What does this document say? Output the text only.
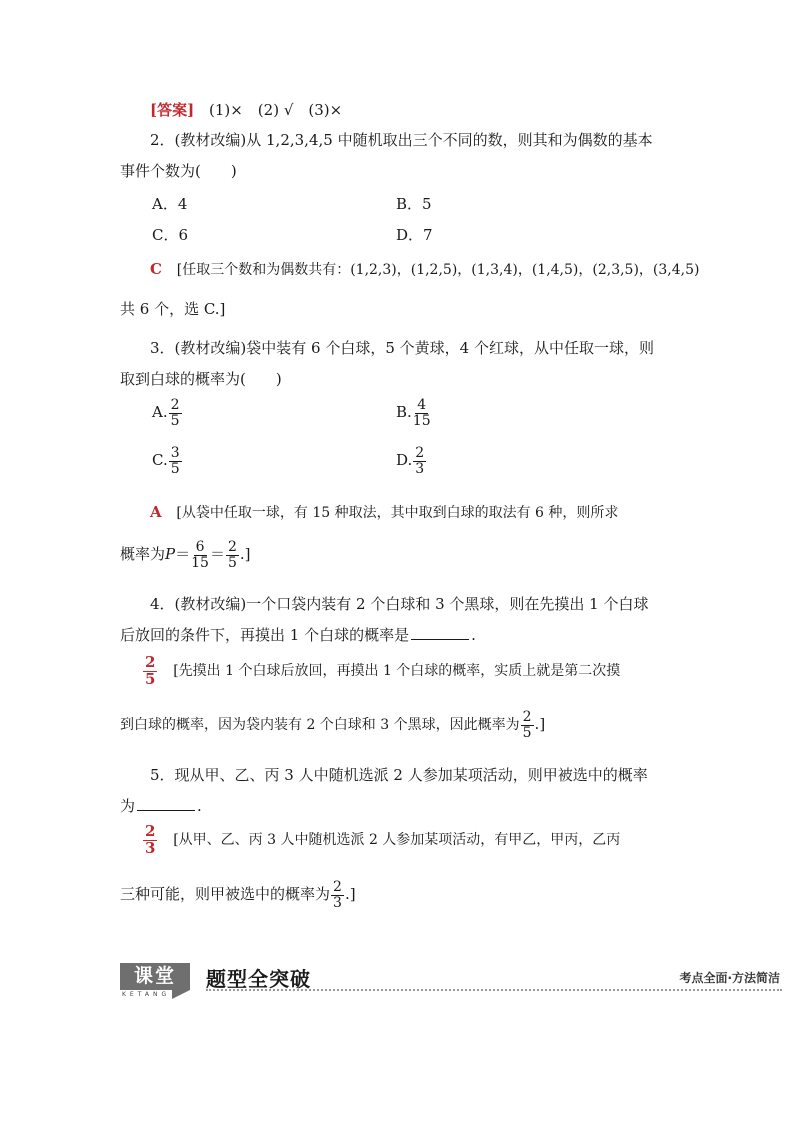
[答案] (1)×　(2) √　(3)×
2．(教材改编)从 1,2,3,4,5 中随机取出三个不同的数，则其和为偶数的基本
事件个数为(　　)
A．4	B．5
C．6	D．7
C [任取三个数和为偶数共有：(1,2,3)，(1,2,5)，(1,3,4)，(1,4,5)，(2,3,5)，(3,4,5)
共 6 个，选 C.]
3．(教材改编)袋中装有 6 个白球，5 个黄球，4 个红球，从中任取一球，则
取到白球的概率为(　　)
A. $\frac{2}{5}$	B. $\frac{4}{15}$
C. $\frac{3}{5}$	D. $\frac{2}{3}$
A [从袋中任取一球，有 15 种取法，其中取到白球的取法有 6 种，则所求
概率为$P= \frac{6}{15} = \frac{2}{5}$ .]
4．(教材改编)一个口袋内装有 2 个白球和 3 个黑球，则在先摸出 1 个白球
后放回的条件下，再摸出 1 个白球的概率是	.
$\frac{2}{5}$ [先摸出 1 个白球后放回，再摸出 1 个白球的概率，实质上就是第二次摸
到白球的概率，因为袋内装有 2 个白球和 3 个黑球，因此概率为 $\frac{2}{5}$ .]
5．现从甲、乙、丙 3 人中随机选派 2 人参加某项活动，则甲被选中的概率
为	.
$\frac{2}{3}$ [从甲、乙、丙 3 人中随机选派 2 人参加某项活动，有甲乙，甲丙，乙丙
三种可能，则甲被选中的概率为 $\frac{2}{3}$ .]
课堂
KETANG
题型全突破	考点全面·方法简洁
